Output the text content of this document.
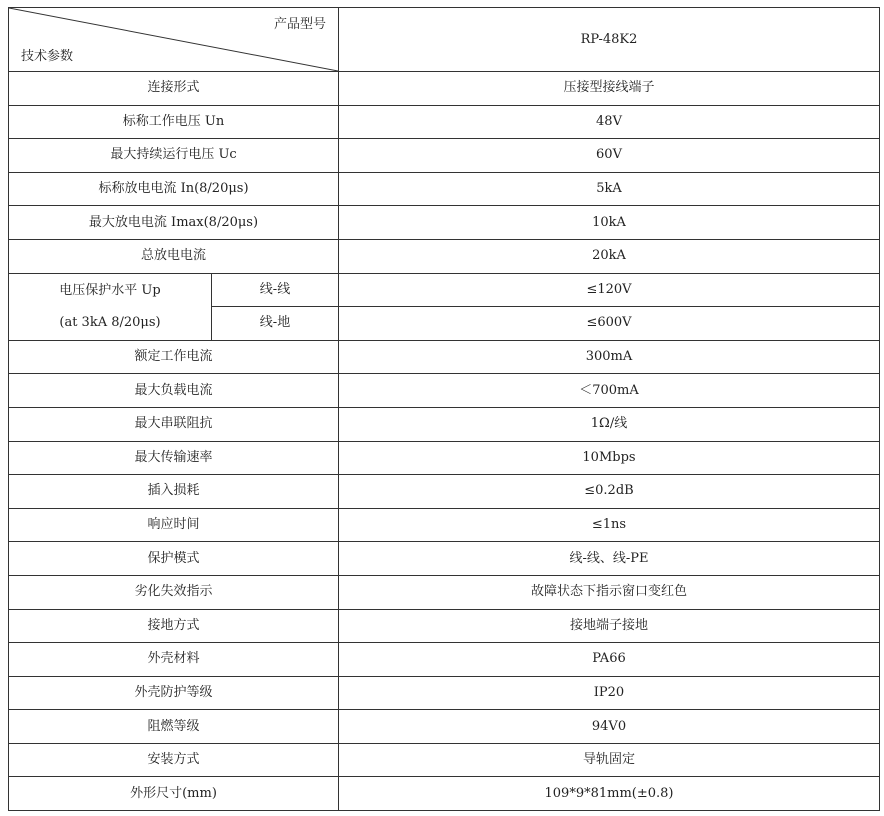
产品型号
技术参数		RP-48K2
连接形式		压接型接线端子
标称工作电压 Un		48V
最大持续运行电压 Uc		60V
标称放电电流 In(8/20μs)		5kA
最大放电电流 Imax(8/20μs)		10kA
总放电电流		20kA

电压保护水平 Up
(at 3kA 8/20μs)	线-线	≤120V
	线-地	≤600V
额定工作电流		300mA
最大负载电流		＜700mA
最大串联阻抗		1Ω/线
最大传输速率		10Mbps
插入损耗		≤0.2dB
响应时间		≤1ns
保护模式		线-线、线-PE
劣化失效指示		故障状态下指示窗口变红色
接地方式		接地端子接地
外壳材料		PA66
外壳防护等级		IP20
阻燃等级		94V0
安装方式		导轨固定
外形尺寸(mm)		109*9*81mm(±0.8)
